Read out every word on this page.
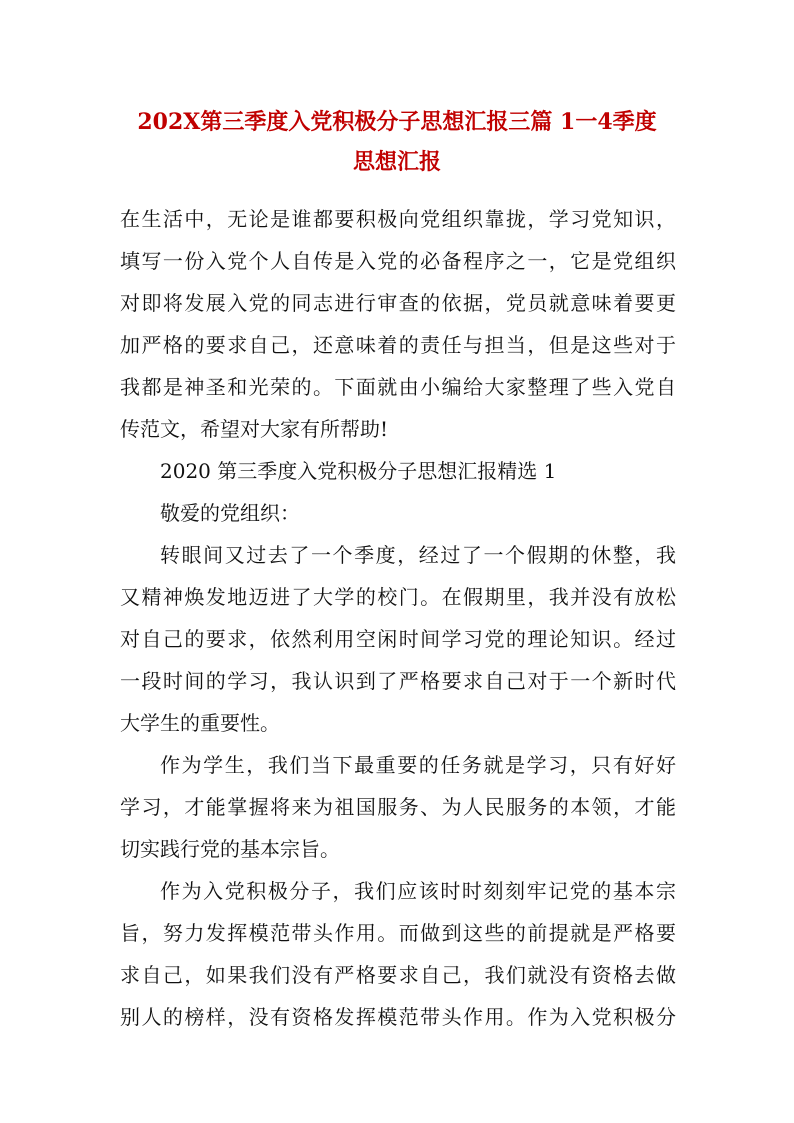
202X第三季度入党积极分子思想汇报三篇 1一4季度
思想汇报

在生活中，无论是谁都要积极向党组织靠拢，学习党知识，

填写一份入党个人自传是入党的必备程序之一，它是党组织

对即将发展入党的同志进行审查的依据，党员就意味着要更

加严格的要求自己，还意味着的责任与担当，但是这些对于

我都是神圣和光荣的。下面就由小编给大家整理了些入党自

传范文，希望对大家有所帮助!

2020 第三季度入党积极分子思想汇报精选 1

敬爱的党组织：

转眼间又过去了一个季度，经过了一个假期的休整，我

又精神焕发地迈进了大学的校门。在假期里，我并没有放松

对自己的要求，依然利用空闲时间学习党的理论知识。经过

一段时间的学习，我认识到了严格要求自己对于一个新时代

大学生的重要性。

作为学生，我们当下最重要的任务就是学习，只有好好

学习，才能掌握将来为祖国服务、为人民服务的本领，才能

切实践行党的基本宗旨。

作为入党积极分子，我们应该时时刻刻牢记党的基本宗

旨，努力发挥模范带头作用。而做到这些的前提就是严格要

求自己，如果我们没有严格要求自己，我们就没有资格去做

别人的榜样，没有资格发挥模范带头作用。作为入党积极分
